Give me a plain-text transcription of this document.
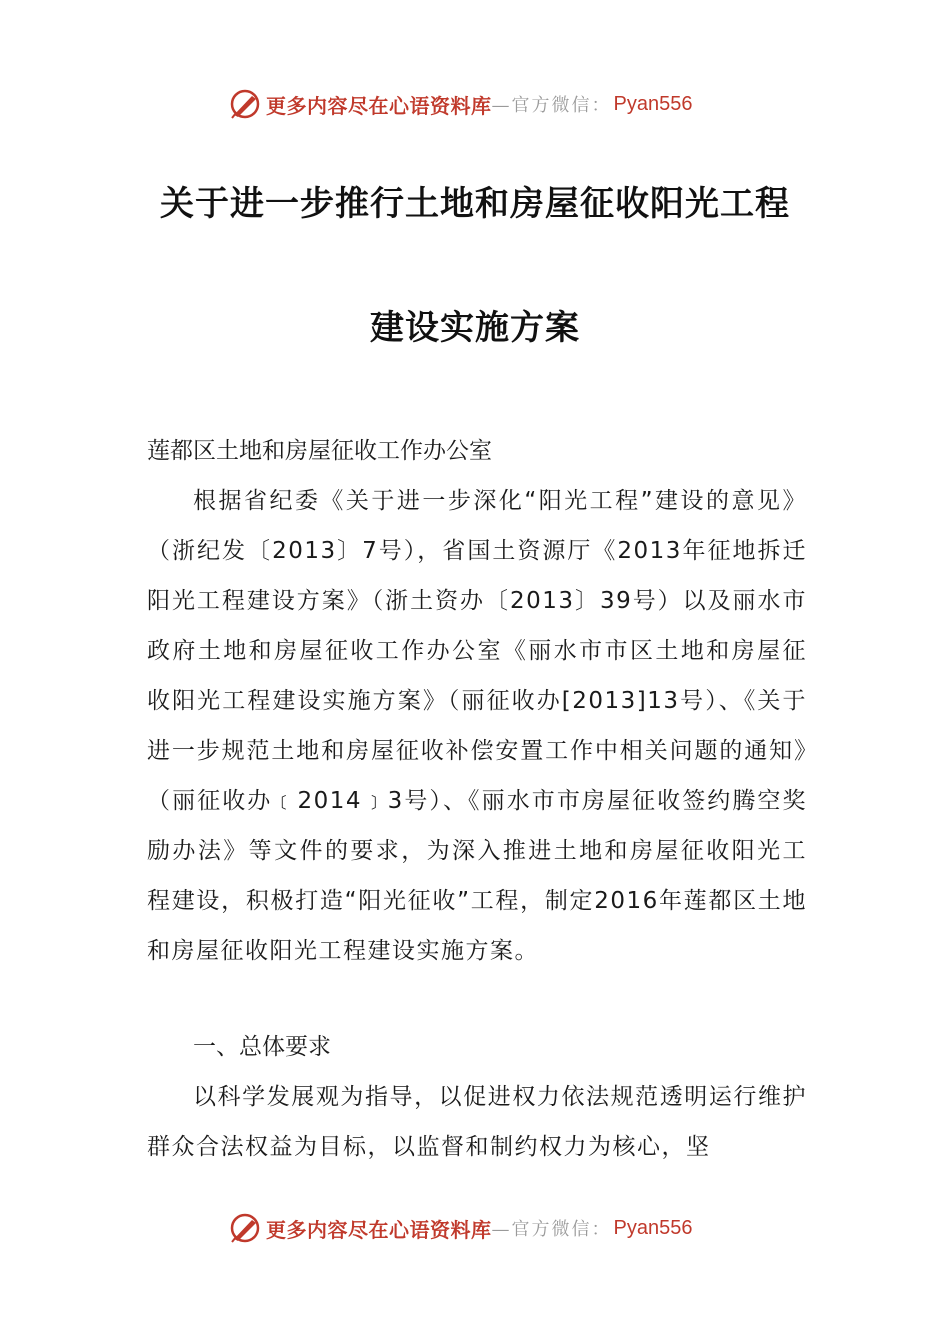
更多内容尽在心语资料库 —官方微信： Pyan556
关于进一步推行土地和房屋征收阳光工程
建设实施方案
莲都区土地和房屋征收工作办公室
根据省纪委《关于进一步深化“阳光工程”建设的意见》（浙纪发〔2013〕7号），省国土资源厅《2013年征地拆迁阳光工程建设方案》（浙土资办〔2013〕39号）以及丽水市政府土地和房屋征收工作办公室《丽水市市区土地和房屋征收阳光工程建设实施方案》（丽征收办[2013]13号）、《关于进一步规范土地和房屋征收补偿安置工作中相关问题的通知》（丽征收办﹝2014﹞3号）、《丽水市市房屋征收签约腾空奖励办法》等文件的要求，为深入推进土地和房屋征收阳光工程建设，积极打造“阳光征收”工程，制定2016年莲都区土地和房屋征收阳光工程建设实施方案。
一、总体要求
以科学发展观为指导，以促进权力依法规范透明运行维护群众合法权益为目标，以监督和制约权力为核心，坚
更多内容尽在心语资料库 —官方微信： Pyan556
